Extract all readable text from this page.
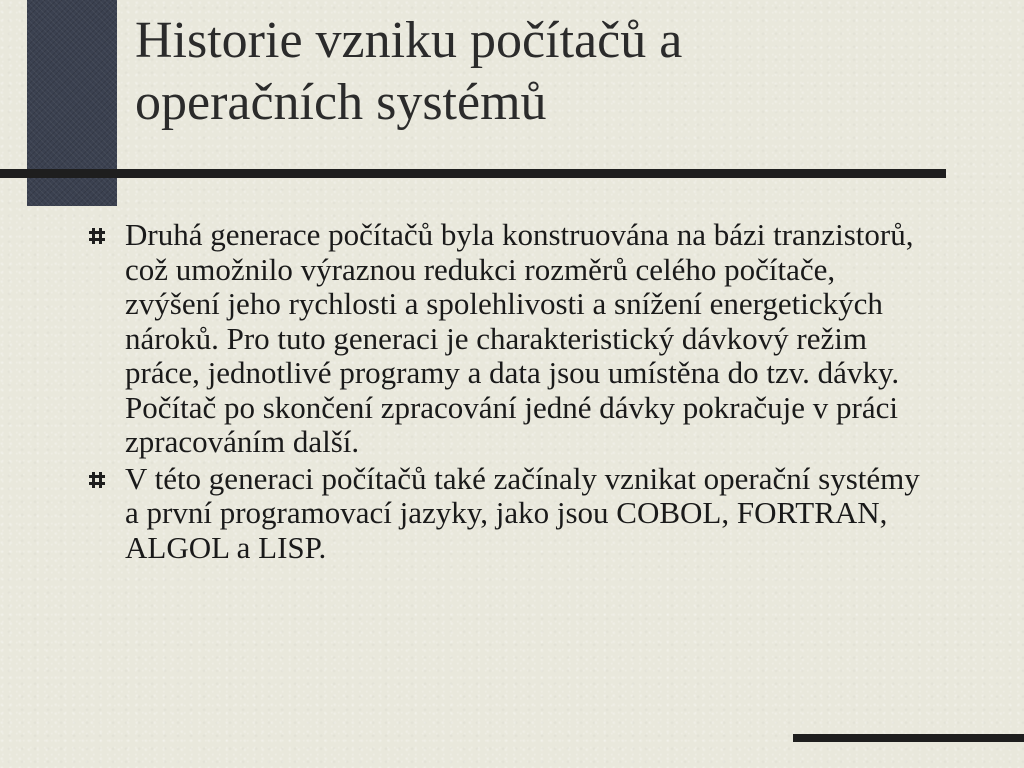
Historie vzniku počítačů a
operačních systémů
Druhá generace počítačů byla konstruována na bázi tranzistorů, což umožnilo výraznou redukci rozměrů celého počítače, zvýšení jeho rychlosti a spolehlivosti a snížení energetických nároků. Pro tuto generaci je charakteristický dávkový režim práce, jednotlivé programy a data jsou umístěna do tzv. dávky. Počítač po skončení zpracování jedné dávky pokračuje v práci zpracováním další.
V této generaci počítačů také začínaly vznikat operační systémy a první programovací jazyky, jako jsou COBOL, FORTRAN, ALGOL a LISP.
